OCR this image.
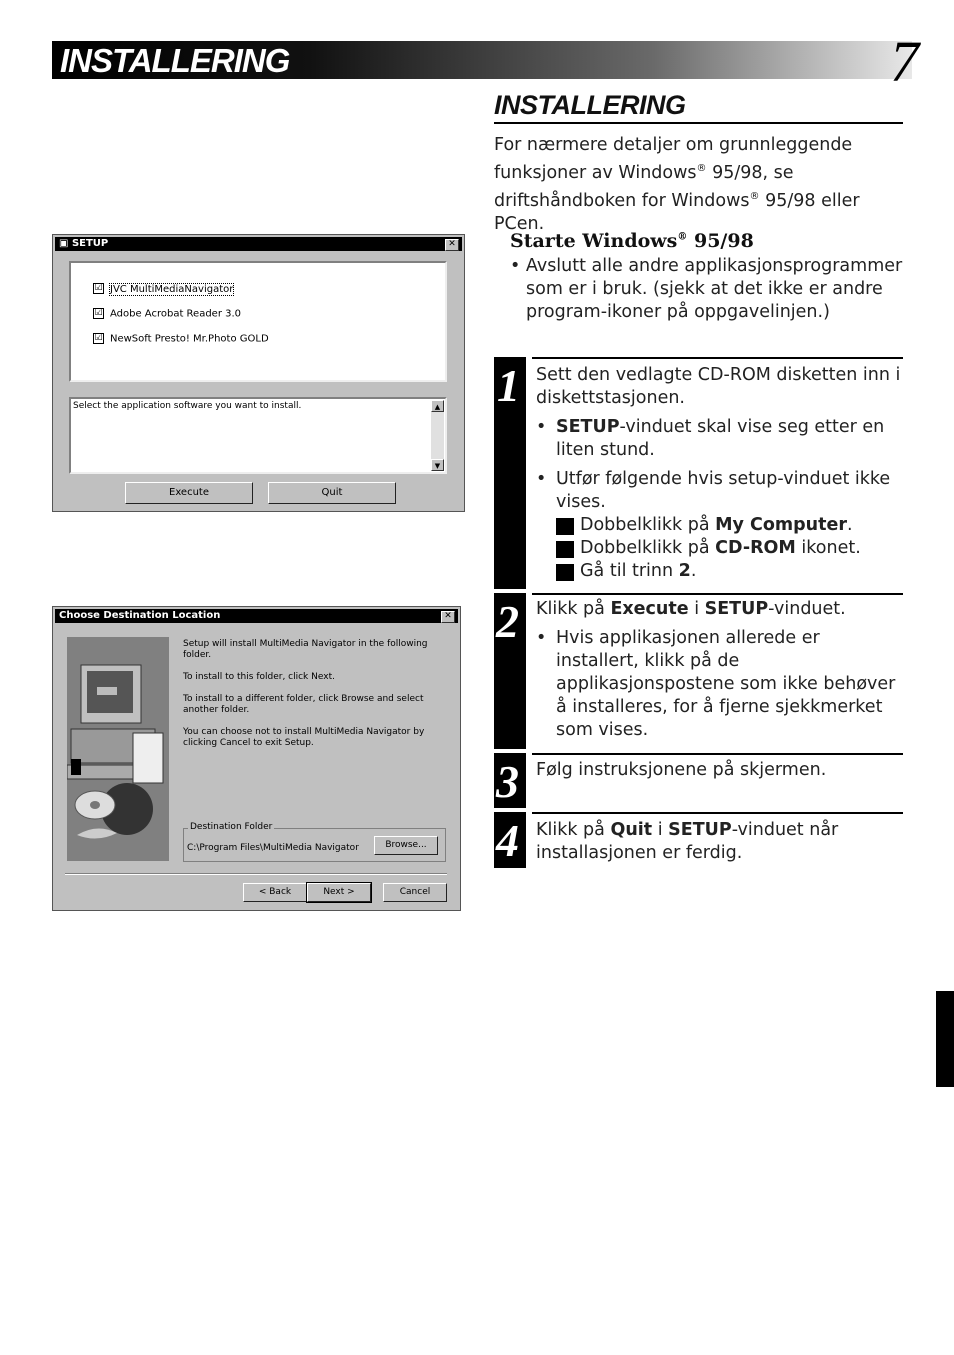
INSTALLERING	7
▣ SETUP	✕
☑ JVC MultiMediaNavigator
☑ Adobe Acrobat Reader 3.0
☑ NewSoft Presto! Mr.Photo GOLD
Select the application software you want to install.	▲
▼
Execute	Quit
Choose Destination Location	✕

Setup will install MultiMedia Navigator in the following folder.

To install to this folder, click Next.

To install to a different folder, click Browse and select another folder.

You can choose not to install MultiMedia Navigator by clicking Cancel to exit Setup.

Destination Folder
C:\Program Files\MultiMedia Navigator	Browse...
< Back	Next >	Cancel
INSTALLERING
For nærmere detaljer om grunnleggende
funksjoner av Windows® 95/98, se
driftshåndboken for Windows® 95/98 eller
PCen.
Starte Windows® 95/98
• Avslutt alle andre applikasjonsprogrammer som er i bruk. (sjekk at det ikke er andre program-ikoner på oppgavelinjen.)
1 Sett den vedlagte CD-ROM disketten inn i diskettstasjonen.
• SETUP-vinduet skal vise seg etter en liten stund.
• Utfør følgende hvis setup-vinduet ikke vises.
Dobbelklikk på My Computer.
Dobbelklikk på CD-ROM ikonet.
Gå til trinn 2.
2 Klikk på Execute i SETUP-vinduet.
• Hvis applikasjonen allerede er installert, klikk på de applikasjonspostene som ikke behøver å installeres, for å fjerne sjekkmerket som vises.
3 Følg instruksjonene på skjermen.
4 Klikk på Quit i SETUP-vinduet når installasjonen er ferdig.
